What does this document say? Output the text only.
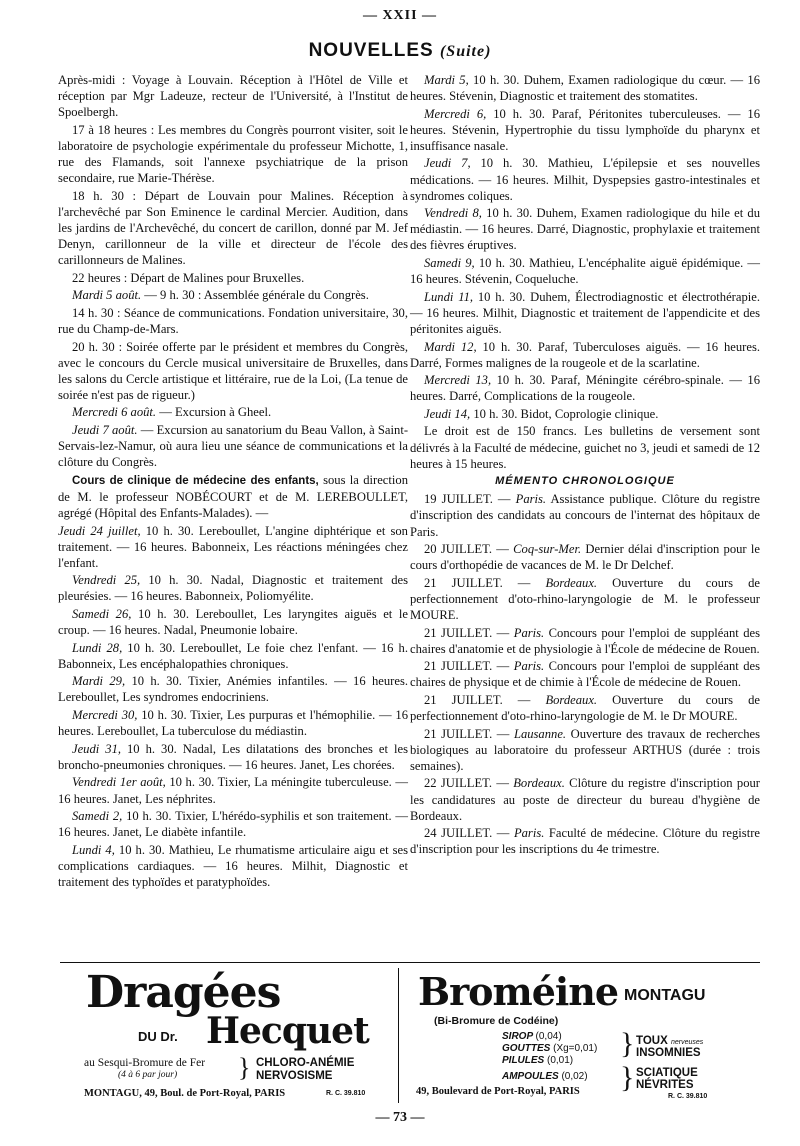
— XXII —
NOUVELLES (Suite)

Après-midi : Voyage à Louvain. Réception à l'Hôtel de Ville et réception par Mgr Ladeuze, recteur de l'Université, à l'Institut de Spoelbergh.

17 à 18 heures : Les membres du Congrès pourront visiter, soit le laboratoire de psychologie expérimentale du professeur Michotte, 1, rue des Flamands, soit l'annexe psychiatrique de la prison secondaire, rue Marie-Thérèse.

18 h. 30 : Départ de Louvain pour Malines. Réception à l'archevêché par Son Eminence le cardinal Mercier. Audition, dans les jardins de l'Archevêché, du concert de carillon, donné par M. Jef Denyn, carillonneur de la ville et directeur de l'école des carillonneurs de Malines.

22 heures : Départ de Malines pour Bruxelles.

Mardi 5 août. — 9 h. 30 : Assemblée générale du Congrès.

14 h. 30 : Séance de communications. Fondation universitaire, 30, rue du Champ-de-Mars.

20 h. 30 : Soirée offerte par le président et membres du Congrès, avec le concours du Cercle musical universitaire de Bruxelles, dans les salons du Cercle artistique et littéraire, rue de la Loi, (La tenue de soirée n'est pas de rigueur.)

Mercredi 6 août. — Excursion à Gheel.

Jeudi 7 août. — Excursion au sanatorium du Beau Vallon, à Saint-Servais-lez-Namur, où aura lieu une séance de communications et la clôture du Congrès.

Cours de clinique de médecine des enfants, sous la direction de M. le professeur NOBÉCOURT et de M. LEREBOULLET, agrégé (Hôpital des Enfants-Malades). —

Jeudi 24 juillet, 10 h. 30. Lereboullet, L'angine diphtérique et son traitement. — 16 heures. Babonneix, Les réactions méningées chez l'enfant.

Vendredi 25, 10 h. 30. Nadal, Diagnostic et traitement des pleurésies. — 16 heures. Babonneix, Poliomyélite.

Samedi 26, 10 h. 30. Lereboullet, Les laryngites aiguës et le croup. — 16 heures. Nadal, Pneumonie lobaire.

Lundi 28, 10 h. 30. Lereboullet, Le foie chez l'enfant. — 16 h. Babonneix, Les encéphalopathies chroniques.

Mardi 29, 10 h. 30. Tixier, Anémies infantiles. — 16 heures. Lereboullet, Les syndromes endocriniens.

Mercredi 30, 10 h. 30. Tixier, Les purpuras et l'hémophilie. — 16 heures. Lereboullet, La tuberculose du médiastin.

Jeudi 31, 10 h. 30. Nadal, Les dilatations des bronches et les broncho-pneumonies chroniques. — 16 heures. Janet, Les chorées.

Vendredi 1er août, 10 h. 30. Tixier, La méningite tuberculeuse. — 16 heures. Janet, Les néphrites.

Samedi 2, 10 h. 30. Tixier, L'hérédo-syphilis et son traitement. — 16 heures. Janet, Le diabète infantile.

Lundi 4, 10 h. 30. Mathieu, Le rhumatisme articulaire aigu et ses complications cardiaques. — 16 heures. Milhit, Diagnostic et traitement des typhoïdes et paratyphoïdes.

Mardi 5, 10 h. 30. Duhem, Examen radiologique du cœur. — 16 heures. Stévenin, Diagnostic et traitement des stomatites.

Mercredi 6, 10 h. 30. Paraf, Péritonites tuberculeuses. — 16 heures. Stévenin, Hypertrophie du tissu lymphoïde du pharynx et insuffisance nasale.

Jeudi 7, 10 h. 30. Mathieu, L'épilepsie et ses nouvelles médications. — 16 heures. Milhit, Dyspepsies gastro-intestinales et syndromes coliques.

Vendredi 8, 10 h. 30. Duhem, Examen radiologique du hile et du médiastin. — 16 heures. Darré, Diagnostic, prophylaxie et traitement des fièvres éruptives.

Samedi 9, 10 h. 30. Mathieu, L'encéphalite aiguë épidémique. — 16 heures. Stévenin, Coqueluche.

Lundi 11, 10 h. 30. Duhem, Électrodiagnostic et électrothérapie. — 16 heures. Milhit, Diagnostic et traitement de l'appendicite et des péritonites aiguës.

Mardi 12, 10 h. 30. Paraf, Tuberculoses aiguës. — 16 heures. Darré, Formes malignes de la rougeole et de la scarlatine.

Mercredi 13, 10 h. 30. Paraf, Méningite cérébro-spinale. — 16 heures. Darré, Complications de la rougeole.

Jeudi 14, 10 h. 30. Bidot, Coprologie clinique.

Le droit est de 150 francs. Les bulletins de versement sont délivrés à la Faculté de médecine, guichet no 3, jeudi et samedi de 12 heures à 15 heures.

MÉMENTO CHRONOLOGIQUE

19 JUILLET. — Paris. Assistance publique. Clôture du registre d'inscription des candidats au concours de l'internat des hôpitaux de Paris.

20 JUILLET. — Coq-sur-Mer. Dernier délai d'inscription pour le cours d'orthopédie de vacances de M. le Dr Delchef.

21 JUILLET. — Bordeaux. Ouverture du cours de perfectionnement d'oto-rhino-laryngologie de M. le professeur MOURE.

21 JUILLET. — Paris. Concours pour l'emploi de suppléant des chaires d'anatomie et de physiologie à l'École de médecine de Rouen.

21 JUILLET. — Paris. Concours pour l'emploi de suppléant des chaires de physique et de chimie à l'École de médecine de Rouen.

21 JUILLET. — Bordeaux. Ouverture du cours de perfectionnement d'oto-rhino-laryngologie de M. le Dr MOURE.

21 JUILLET. — Lausanne. Ouverture des travaux de recherches biologiques au laboratoire du professeur ARTHUS (durée : trois semaines).

22 JUILLET. — Bordeaux. Clôture du registre d'inscription pour les candidatures au poste de directeur du bureau d'hygiène de Bordeaux.

24 JUILLET. — Paris. Faculté de médecine. Clôture du registre d'inscription pour les inscriptions du 4e trimestre.

Dragées
DU Dr. Hecquet
au Sesqui-Bromure de Fer
(4 à 6 par jour) } CHLORO-ANÉMIE
NERVOSISME
MONTAGU, 49, Boul. de Port-Royal, PARIS	R. C. 39.810
Broméine MONTAGU
(Bi-Bromure de Codéine)
SIROP (0,04)
GOUTTES (Xg=0,01)
PILULES (0,01)
AMPOULES (0,02)
}
}
TOUX nerveuses
INSOMNIES
SCIATIQUE
NÉVRITES
49, Boulevard de Port-Royal, PARIS	R. C. 39.810
— 73 —
